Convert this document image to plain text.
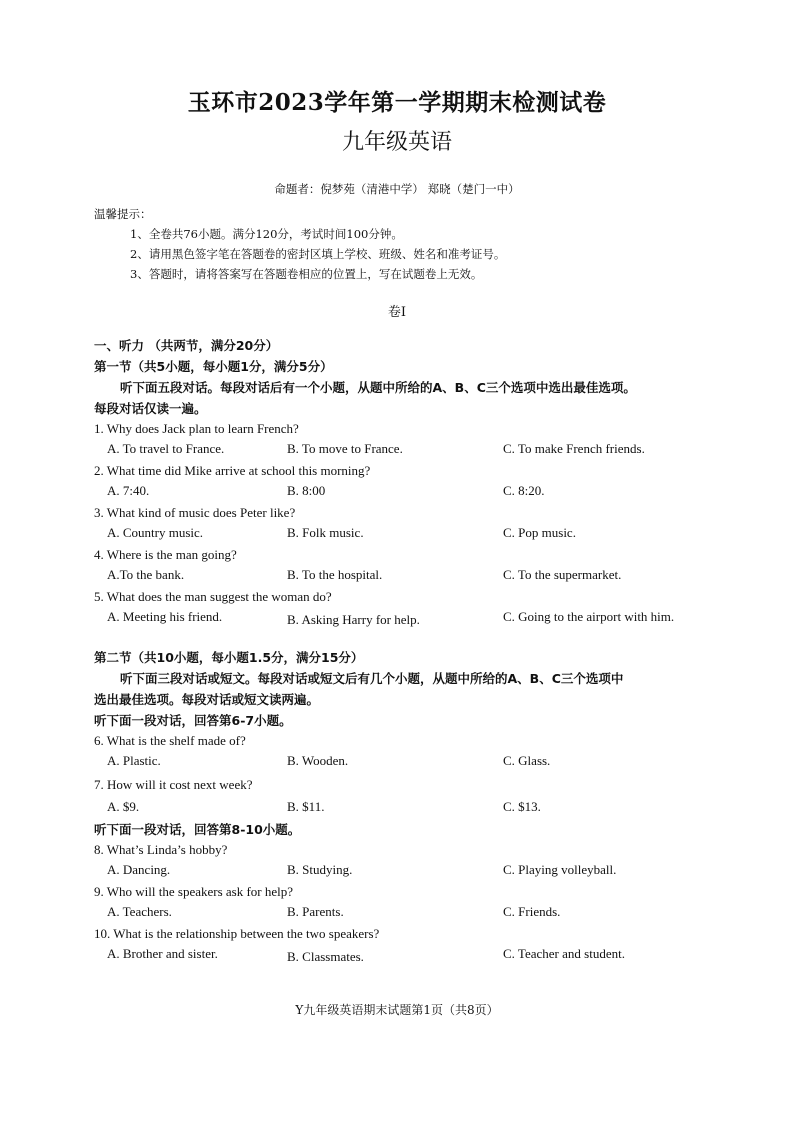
玉环市2023学年第一学期期末检测试卷
九年级英语
命题者：倪梦苑（清港中学） 郑晓（楚门一中）
温馨提示：
1、全卷共76小题。满分120分，考试时间100分钟。
2、请用黑色签字笔在答题卷的密封区填上学校、班级、姓名和准考证号。
3、答题时，请将答案写在答题卷相应的位置上，写在试题卷上无效。
卷Ⅰ
一、听力 （共两节，满分20分）
第一节（共5小题，每小题1分，满分5分）
听下面五段对话。每段对话后有一个小题，从题中所给的A、B、C三个选项中选出最佳选项。
每段对话仅读一遍。
1. Why does Jack plan to learn French?
A. To travel to France.	B. To move to France.	C. To make French friends.
2. What time did Mike arrive at school this morning?
A. 7:40.	B. 8:00	C. 8:20.
3. What kind of music does Peter like?
A. Country music.	B. Folk music.	C. Pop music.
4. Where is the man going?
A.To the bank.	B. To the hospital.	C. To the supermarket.
5. What does the man suggest the woman do?
A. Meeting his friend.	B. Asking Harry for help.	C. Going to the airport with him.
第二节（共10小题，每小题1.5分，满分15分）
听下面三段对话或短文。每段对话或短文后有几个小题，从题中所给的A、B、C三个选项中
选出最佳选项。每段对话或短文读两遍。
听下面一段对话，回答第6-7小题。
6. What is the shelf made of?
A. Plastic.	B. Wooden.	C. Glass.
7. How will it cost next week?
A. $9.	B. $11.	C. $13.
听下面一段对话，回答第8-10小题。
8. What’s Linda’s hobby?
A. Dancing.	B. Studying.	C. Playing volleyball.
9. Who will the speakers ask for help?
A. Teachers.	B. Parents.	C. Friends.
10. What is the relationship between the two speakers?
A. Brother and sister.	B. Classmates.	C. Teacher and student.
Y九年级英语期末试题第1页（共8页）
